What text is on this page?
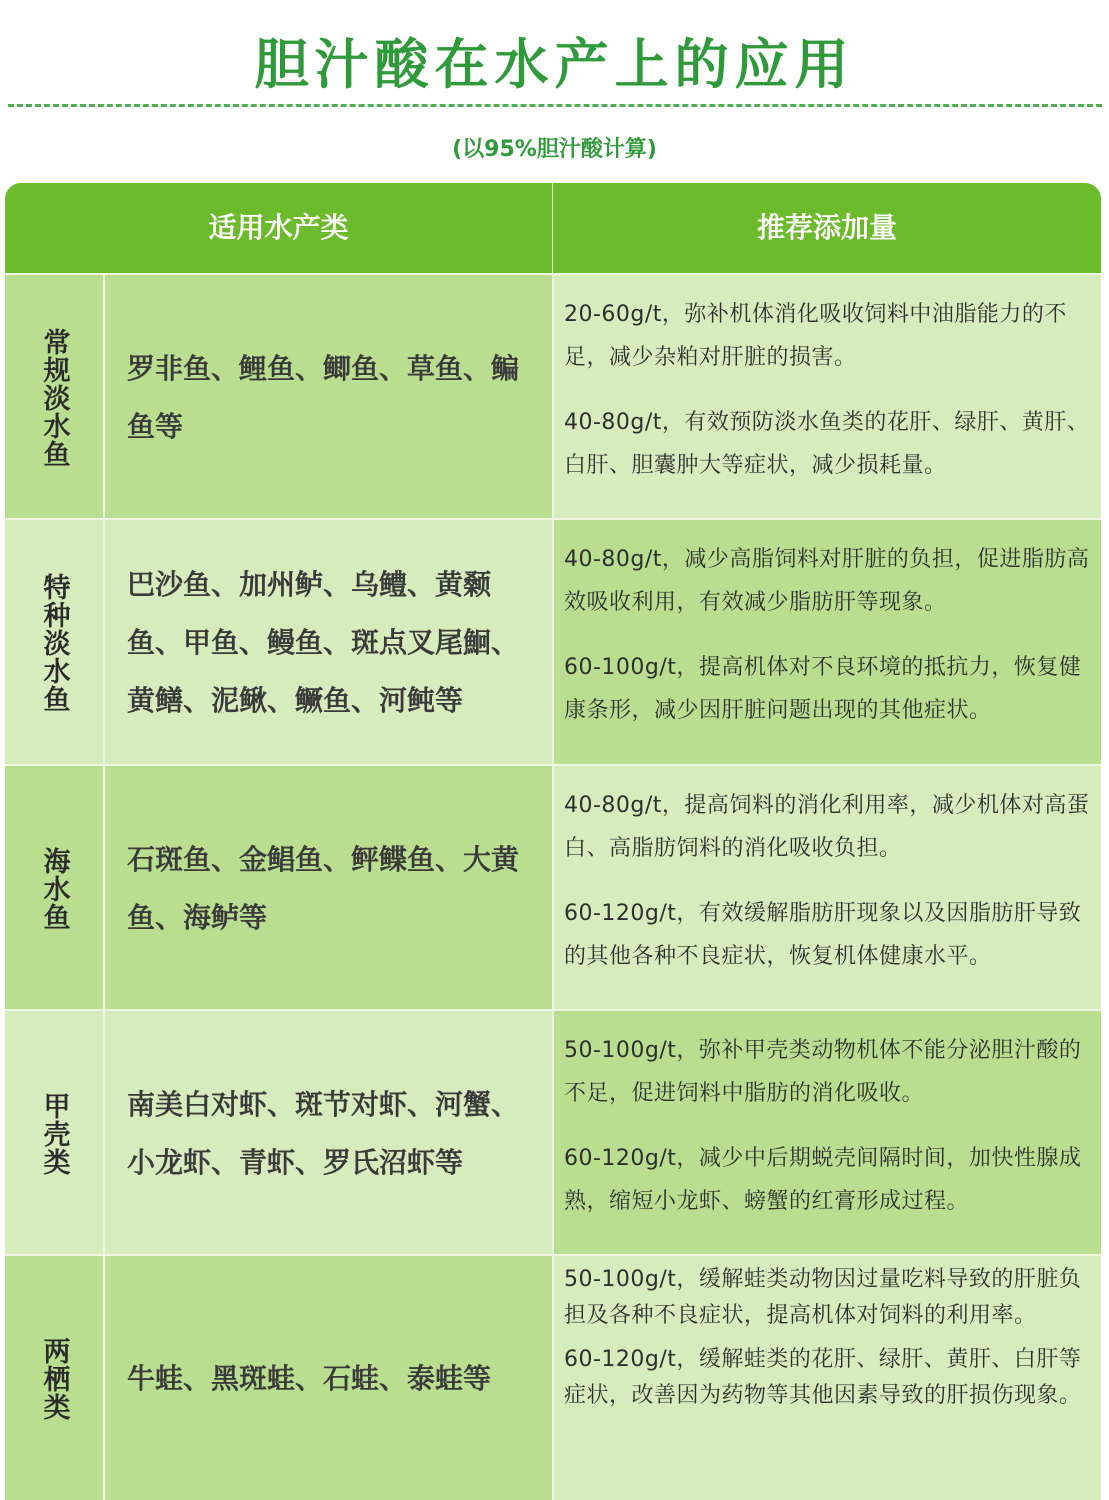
胆汁酸在水产上的应用
(以95%胆汁酸计算)
适用水产类	推荐添加量
常规淡水鱼	罗非鱼、鲤鱼、鲫鱼、草鱼、鳊鱼等

20-60g/t，弥补机体消化吸收饲料中油脂能力的不足，减少杂粕对肝脏的损害。

40-80g/t，有效预防淡水鱼类的花肝、绿肝、黄肝、白肝、胆囊肿大等症状，减少损耗量。

特种淡水鱼	巴沙鱼、加州鲈、乌鳢、黄颡鱼、甲鱼、鳗鱼、斑点叉尾鮰、黄鳝、泥鳅、鳜鱼、河鲀等

40-80g/t，减少高脂饲料对肝脏的负担，促进脂肪高效吸收利用，有效减少脂肪肝等现象。

60-100g/t，提高机体对不良环境的抵抗力，恢复健康条形，减少因肝脏问题出现的其他症状。

海水鱼	石斑鱼、金鲳鱼、鲆鲽鱼、大黄鱼、海鲈等

40-80g/t，提高饲料的消化利用率，减少机体对高蛋白、高脂肪饲料的消化吸收负担。

60-120g/t，有效缓解脂肪肝现象以及因脂肪肝导致的其他各种不良症状，恢复机体健康水平。

甲壳类	南美白对虾、斑节对虾、河蟹、小龙虾、青虾、罗氏沼虾等

50-100g/t，弥补甲壳类动物机体不能分泌胆汁酸的不足，促进饲料中脂肪的消化吸收。

60-120g/t，减少中后期蜕壳间隔时间，加快性腺成熟，缩短小龙虾、螃蟹的红膏形成过程。

两栖类	牛蛙、黑斑蛙、石蛙、泰蛙等

50-100g/t，缓解蛙类动物因过量吃料导致的肝脏负担及各种不良症状，提高机体对饲料的利用率。

60-120g/t，缓解蛙类的花肝、绿肝、黄肝、白肝等症状，改善因为药物等其他因素导致的肝损伤现象。
